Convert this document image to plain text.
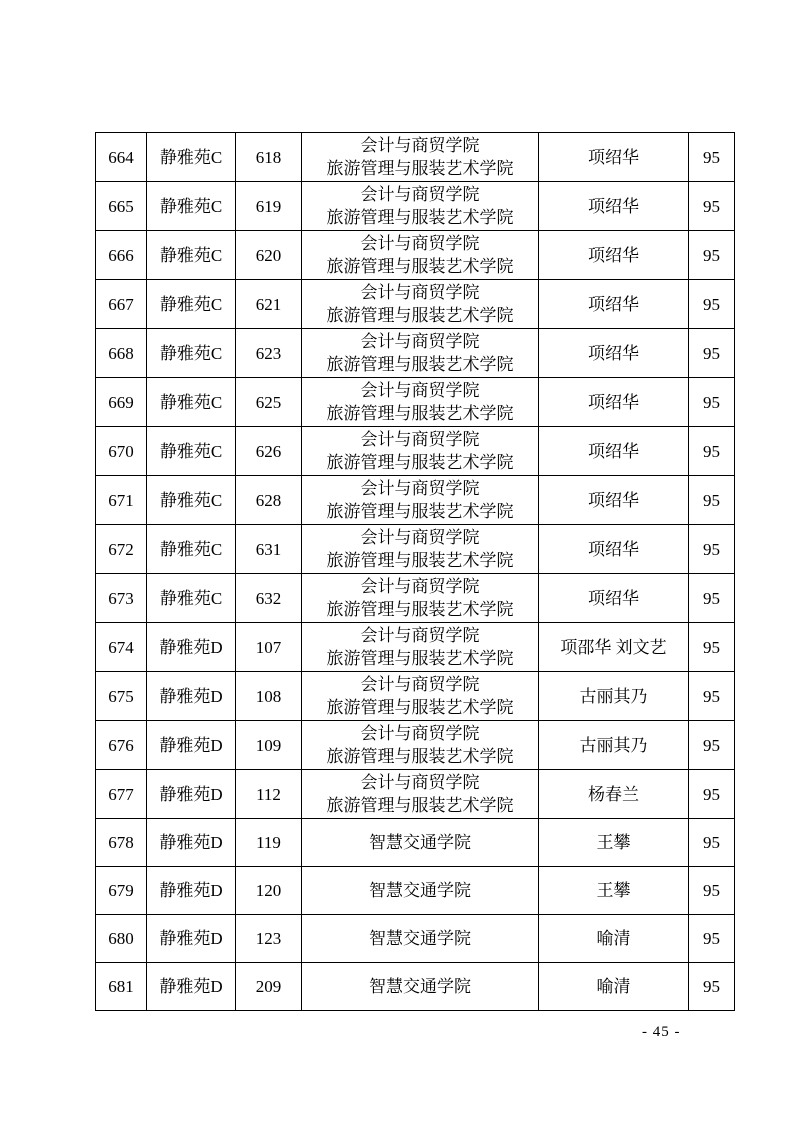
664	静雅苑C	618	会计与商贸学院
旅游管理与服装艺术学院	项绍华	95
665	静雅苑C	619	会计与商贸学院
旅游管理与服装艺术学院	项绍华	95
666	静雅苑C	620	会计与商贸学院
旅游管理与服装艺术学院	项绍华	95
667	静雅苑C	621	会计与商贸学院
旅游管理与服装艺术学院	项绍华	95
668	静雅苑C	623	会计与商贸学院
旅游管理与服装艺术学院	项绍华	95
669	静雅苑C	625	会计与商贸学院
旅游管理与服装艺术学院	项绍华	95
670	静雅苑C	626	会计与商贸学院
旅游管理与服装艺术学院	项绍华	95
671	静雅苑C	628	会计与商贸学院
旅游管理与服装艺术学院	项绍华	95
672	静雅苑C	631	会计与商贸学院
旅游管理与服装艺术学院	项绍华	95
673	静雅苑C	632	会计与商贸学院
旅游管理与服装艺术学院	项绍华	95
674	静雅苑D	107	会计与商贸学院
旅游管理与服装艺术学院	项邵华 刘文艺	95
675	静雅苑D	108	会计与商贸学院
旅游管理与服装艺术学院	古丽其乃	95
676	静雅苑D	109	会计与商贸学院
旅游管理与服装艺术学院	古丽其乃	95
677	静雅苑D	112	会计与商贸学院
旅游管理与服装艺术学院	杨春兰	95
678	静雅苑D	119	智慧交通学院	王攀	95
679	静雅苑D	120	智慧交通学院	王攀	95
680	静雅苑D	123	智慧交通学院	喻清	95
681	静雅苑D	209	智慧交通学院	喻清	95
- 45 -
